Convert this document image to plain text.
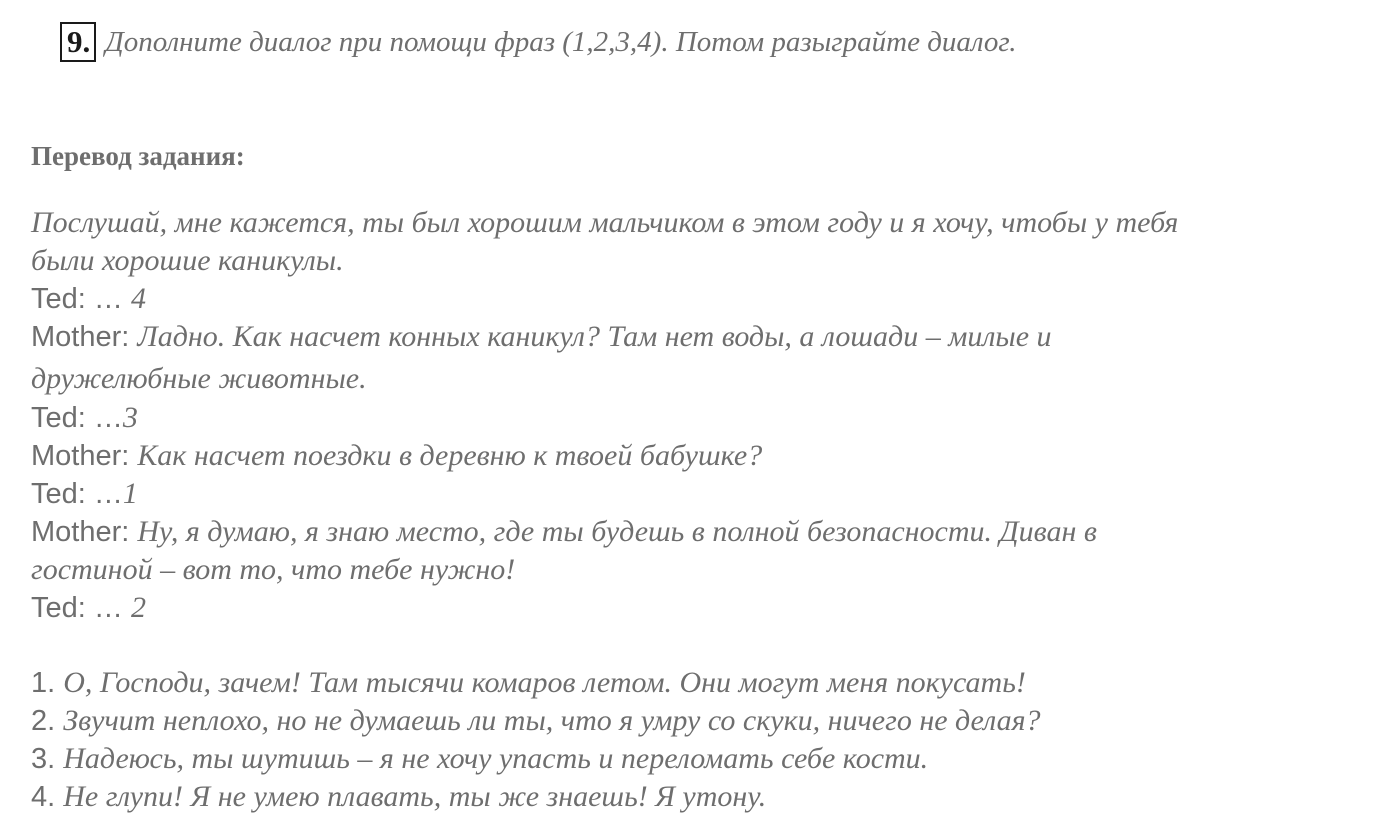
9. Дополните диалог при помощи фраз (1,2,3,4). Потом разыграйте диалог.
Перевод задания:
Послушай, мне кажется, ты был хорошим мальчиком в этом году и я хочу, чтобы у тебя
были хорошие каникулы.
Ted: … 4
Mother: Ладно. Как насчет конных каникул? Там нет воды, а лошади – милые и
дружелюбные животные.
Ted: …3
Mother: Как насчет поездки в деревню к твоей бабушке?
Ted: …1
Mother: Ну, я думаю, я знаю место, где ты будешь в полной безопасности. Диван в
гостиной – вот то, что тебе нужно!
Ted: … 2
1. О, Господи, зачем! Там тысячи комаров летом. Они могут меня покусать!
2. Звучит неплохо, но не думаешь ли ты, что я умру со скуки, ничего не делая?
3. Надеюсь, ты шутишь – я не хочу упасть и переломать себе кости.
4. Не глупи! Я не умею плавать, ты же знаешь! Я утону.
